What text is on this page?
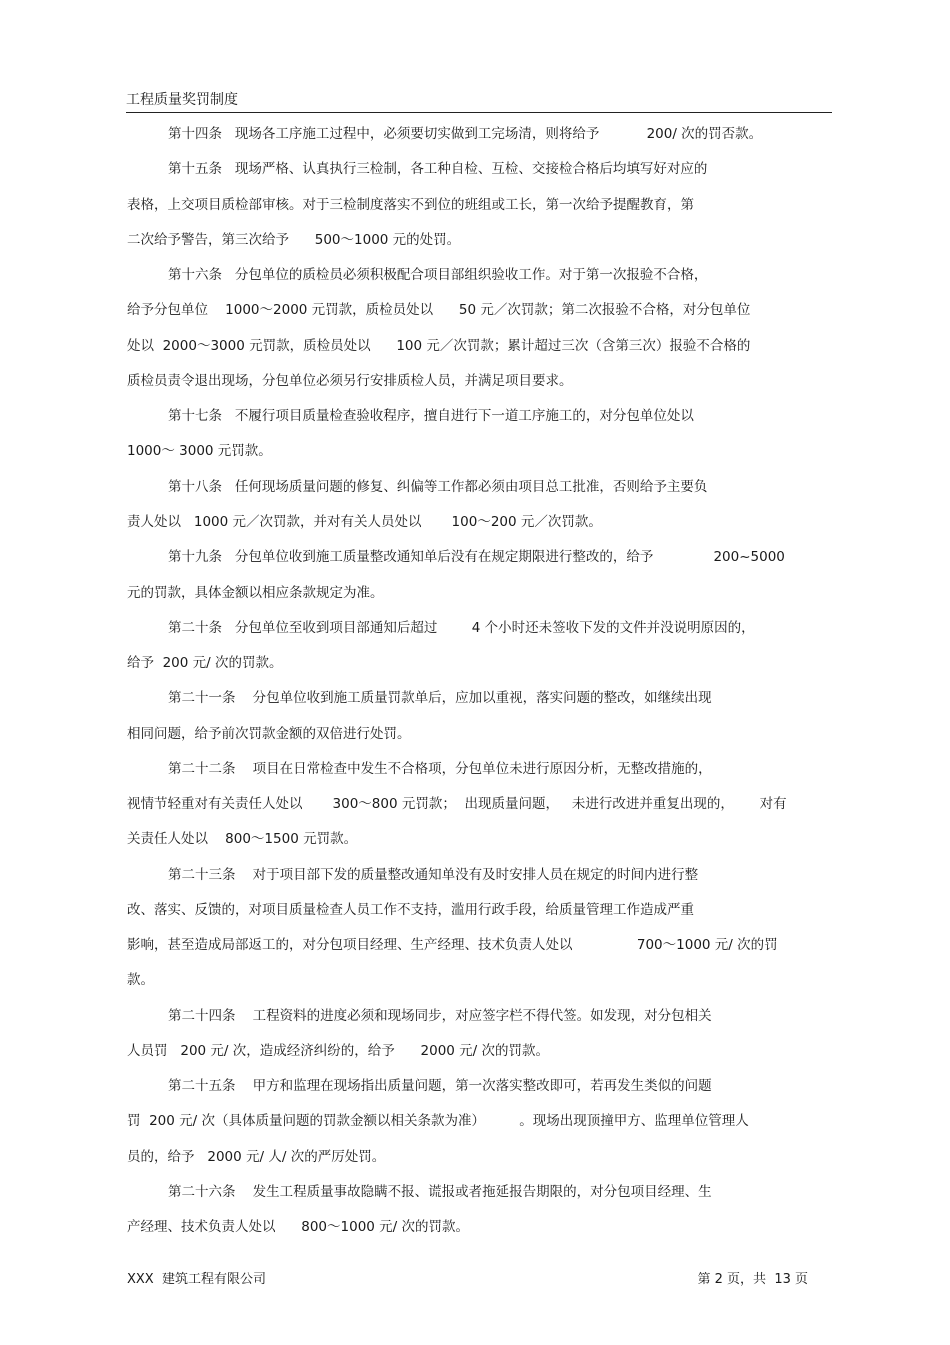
工程质量奖罚制度
第十四条   现场各工序施工过程中，必须要切实做到工完场清，则将给予           200/ 次的罚否款。
第十五条   现场严格、认真执行三检制，各工种自检、互检、交接检合格后均填写好对应的
表格，上交项目质检部审核。对于三检制度落实不到位的班组或工长，第一次给予提醒教育，第
二次给予警告，第三次给予      500～1000 元的处罚。
第十六条   分包单位的质检员必须积极配合项目部组织验收工作。对于第一次报验不合格，
给予分包单位    1000～2000 元罚款，质检员处以      50 元／次罚款；第二次报验不合格，对分包单位
处以  2000～3000 元罚款，质检员处以      100 元／次罚款；累计超过三次（含第三次）报验不合格的
质检员责令退出现场，分包单位必须另行安排质检人员，并满足项目要求。
第十七条   不履行项目质量检查验收程序，擅自进行下一道工序施工的，对分包单位处以
1000～ 3000 元罚款。
第十八条   任何现场质量问题的修复、纠偏等工作都必须由项目总工批准，否则给予主要负
责人处以   1000 元／次罚款，并对有关人员处以       100～200 元／次罚款。
第十九条   分包单位收到施工质量整改通知单后没有在规定期限进行整改的，给予              200~5000
元的罚款，具体金额以相应条款规定为准。
第二十条   分包单位至收到项目部通知后超过        4 个小时还未签收下发的文件并没说明原因的，
给予  200 元/ 次的罚款。
第二十一条    分包单位收到施工质量罚款单后，应加以重视，落实问题的整改，如继续出现
相同问题，给予前次罚款金额的双倍进行处罚。
第二十二条    项目在日常检查中发生不合格项，分包单位未进行原因分析，无整改措施的，
视情节轻重对有关责任人处以       300～800 元罚款；  出现质量问题，   未进行改进并重复出现的，      对有
关责任人处以    800～1500 元罚款。
第二十三条    对于项目部下发的质量整改通知单没有及时安排人员在规定的时间内进行整
改、落实、反馈的，对项目质量检查人员工作不支持，滥用行政手段，给质量管理工作造成严重
影响，甚至造成局部返工的，对分包项目经理、生产经理、技术负责人处以               700～1000 元/ 次的罚
款。
第二十四条    工程资料的进度必须和现场同步，对应签字栏不得代签。如发现，对分包相关
人员罚   200 元/ 次，造成经济纠纷的，给予      2000 元/ 次的罚款。
第二十五条    甲方和监理在现场指出质量问题，第一次落实整改即可，若再发生类似的问题
罚  200 元/ 次（具体质量问题的罚款金额以相关条款为准）        。现场出现顶撞甲方、监理单位管理人
员的，给予   2000 元/ 人/ 次的严厉处罚。
第二十六条    发生工程质量事故隐瞒不报、谎报或者拖延报告期限的，对分包项目经理、生
产经理、技术负责人处以      800～1000 元/ 次的罚款。
XXX  建筑工程有限公司	第 2 页，共  13 页
